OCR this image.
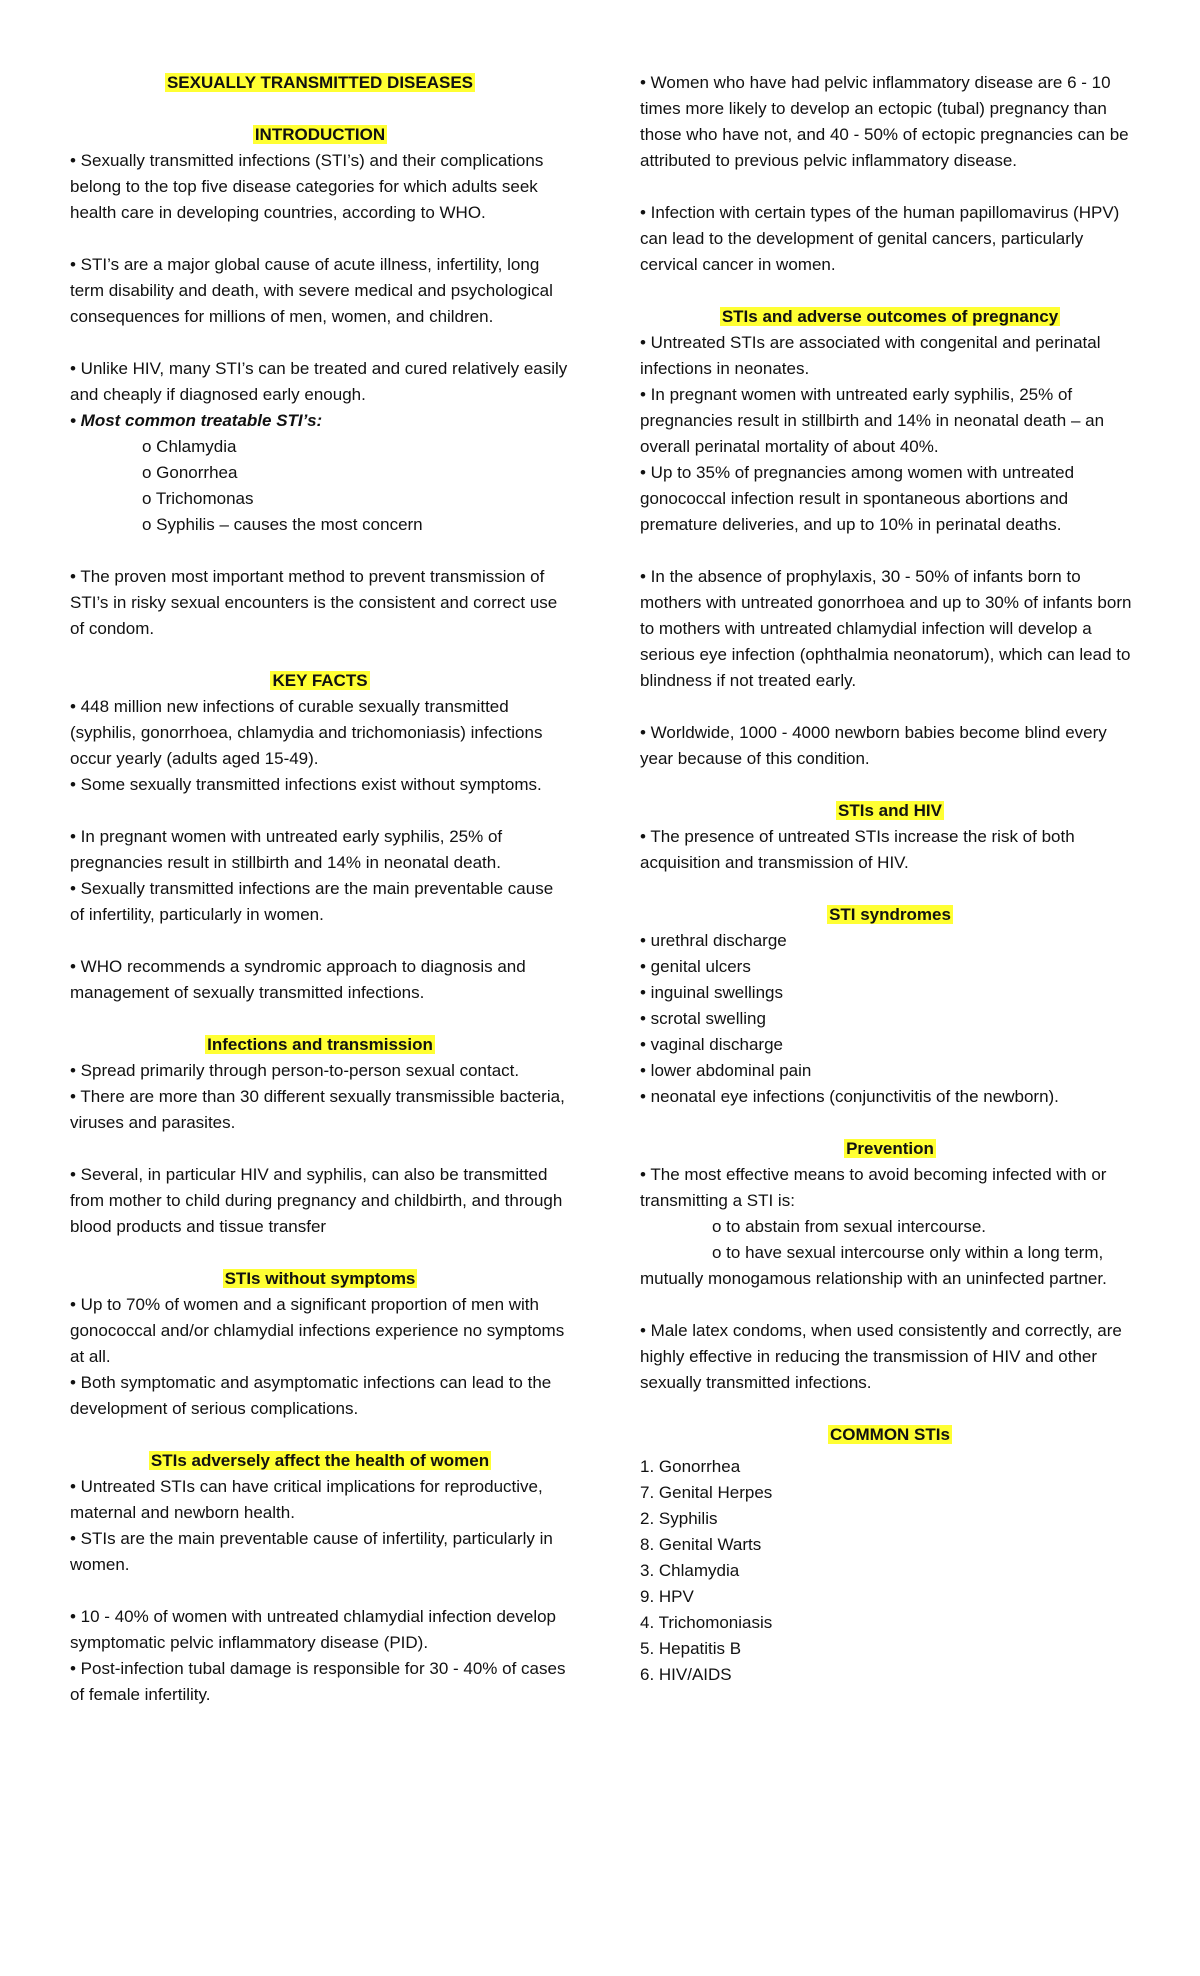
SEXUALLY TRANSMITTED DISEASES

INTRODUCTION

• Sexually transmitted infections (STI’s) and their complications belong to the top five disease categories for which adults seek health care in developing countries, according to WHO.

• STI’s are a major global cause of acute illness, infertility, long term disability and death, with severe medical and psychological consequences for millions of men, women, and children.

• Unlike HIV, many STI’s can be treated and cured relatively easily and cheaply if diagnosed early enough.

• Most common treatable STI’s:

o Chlamydia

o Gonorrhea

o Trichomonas

o Syphilis – causes the most concern

• The proven most important method to prevent transmission of STI’s in risky sexual encounters is the consistent and correct use of condom.

KEY FACTS

• 448 million new infections of curable sexually transmitted (syphilis, gonorrhoea, chlamydia and trichomoniasis) infections occur yearly (adults aged 15-49).

• Some sexually transmitted infections exist without symptoms.

• In pregnant women with untreated early syphilis, 25% of pregnancies result in stillbirth and 14% in neonatal death.

• Sexually transmitted infections are the main preventable cause of infertility, particularly in women.

• WHO recommends a syndromic approach to diagnosis and management of sexually transmitted infections.

Infections and transmission

• Spread primarily through person-to-person sexual contact.

• There are more than 30 different sexually transmissible bacteria, viruses and parasites.

• Several, in particular HIV and syphilis, can also be transmitted from mother to child during pregnancy and childbirth, and through blood products and tissue transfer

STIs without symptoms

• Up to 70% of women and a significant proportion of men with gonococcal and/or chlamydial infections experience no symptoms at all.

• Both symptomatic and asymptomatic infections can lead to the development of serious complications.

STIs adversely affect the health of women

• Untreated STIs can have critical implications for reproductive, maternal and newborn health.

• STIs are the main preventable cause of infertility, particularly in women.

• 10 - 40% of women with untreated chlamydial infection develop symptomatic pelvic inflammatory disease (PID).

• Post-infection tubal damage is responsible for 30 - 40% of cases of female infertility.

• Women who have had pelvic inflammatory disease are 6 - 10 times more likely to develop an ectopic (tubal) pregnancy than those who have not, and 40 - 50% of ectopic pregnancies can be attributed to previous pelvic inflammatory disease.

• Infection with certain types of the human papillomavirus (HPV) can lead to the development of genital cancers, particularly cervical cancer in women.

STIs and adverse outcomes of pregnancy

• Untreated STIs are associated with congenital and perinatal infections in neonates.

• In pregnant women with untreated early syphilis, 25% of pregnancies result in stillbirth and 14% in neonatal death – an overall perinatal mortality of about 40%.

• Up to 35% of pregnancies among women with untreated gonococcal infection result in spontaneous abortions and premature deliveries, and up to 10% in perinatal deaths.

• In the absence of prophylaxis, 30 - 50% of infants born to mothers with untreated gonorrhoea and up to 30% of infants born to mothers with untreated chlamydial infection will develop a serious eye infection (ophthalmia neonatorum), which can lead to blindness if not treated early.

• Worldwide, 1000 - 4000 newborn babies become blind every year because of this condition.

STIs and HIV

• The presence of untreated STIs increase the risk of both acquisition and transmission of HIV.

STI syndromes

• urethral discharge

• genital ulcers

• inguinal swellings

• scrotal swelling

• vaginal discharge

• lower abdominal pain

• neonatal eye infections (conjunctivitis of the newborn).

Prevention

• The most effective means to avoid becoming infected with or transmitting a STI is:

o to abstain from sexual intercourse.

o to have sexual intercourse only within a long term,

mutually monogamous relationship with an uninfected partner.

• Male latex condoms, when used consistently and correctly, are highly effective in reducing the transmission of HIV and other sexually transmitted infections.

COMMON STIs

1. Gonorrhea

7. Genital Herpes

2. Syphilis

8. Genital Warts

3. Chlamydia

9. HPV

4. Trichomoniasis

5. Hepatitis B

6. HIV/AIDS
